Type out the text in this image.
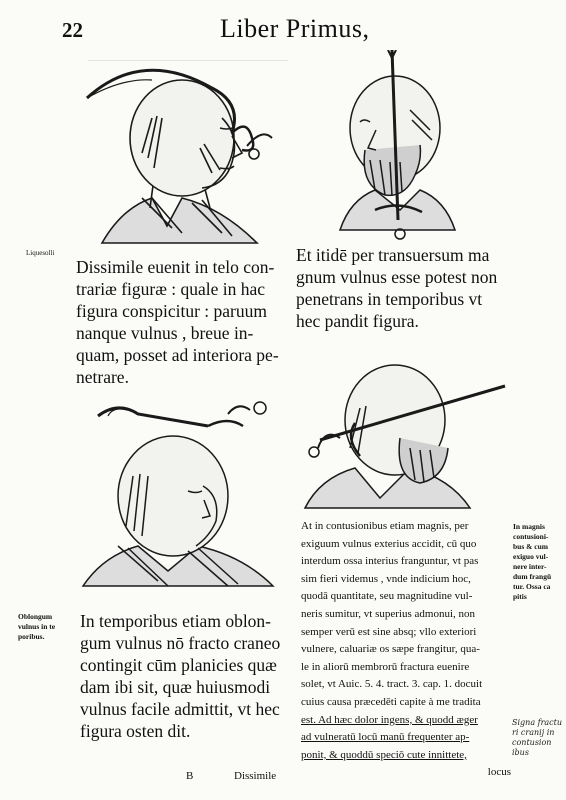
22	Liber Primus,
Liquesolli

Dissimile euenit in telo con-
trariæ figuræ : quale in hac
figura conspicitur : paruum
nanque vulnus , breue in-
quam, posset ad interiora pe-
netrare.
Et itidē per transuersum ma
gnum vulnus esse potest non
penetrans in temporibus vt
hec pandit figura.
At in contusionibus etiam magnis, per
exiguum vulnus exterius accidit, cū quo
interdum ossa interius franguntur, vt pas
sim fieri videmus , vnde indicium hoc,
quodā quantitate, seu magnitudine vul-
neris sumitur, vt superius admonui, non
semper verū est sine absq; vllo exteriori
vulnere, caluariæ os sæpe frangitur, qua-
le in aliorū membrorū fractura euenire
solet, vt Auic. 5. 4. tract. 3. cap. 1. docuit
cuius causa præcedēti capite à me tradita
est. Ad hæc dolor ingens, & quodd æger
ad vulneratū locū manū frequenter ap-
ponit, & quoddū speciō cute innittete,
locus
In magnis
contusioni-
bus & cum
exiguo vul-
nere inter-
dum frangū
tur. Ossa ca
pitis
Signa fractu
ri cranij in
contusion
ibus
Oblongum
vulnus in te
poribus.
In temporibus etiam oblon-
gum vulnus nō fracto craneo
contingit cūm planicies quæ
dam ibi sit, quæ huiusmodi
vulnus facile admittit, vt hec
figura osten dit.
B	Dissimile
